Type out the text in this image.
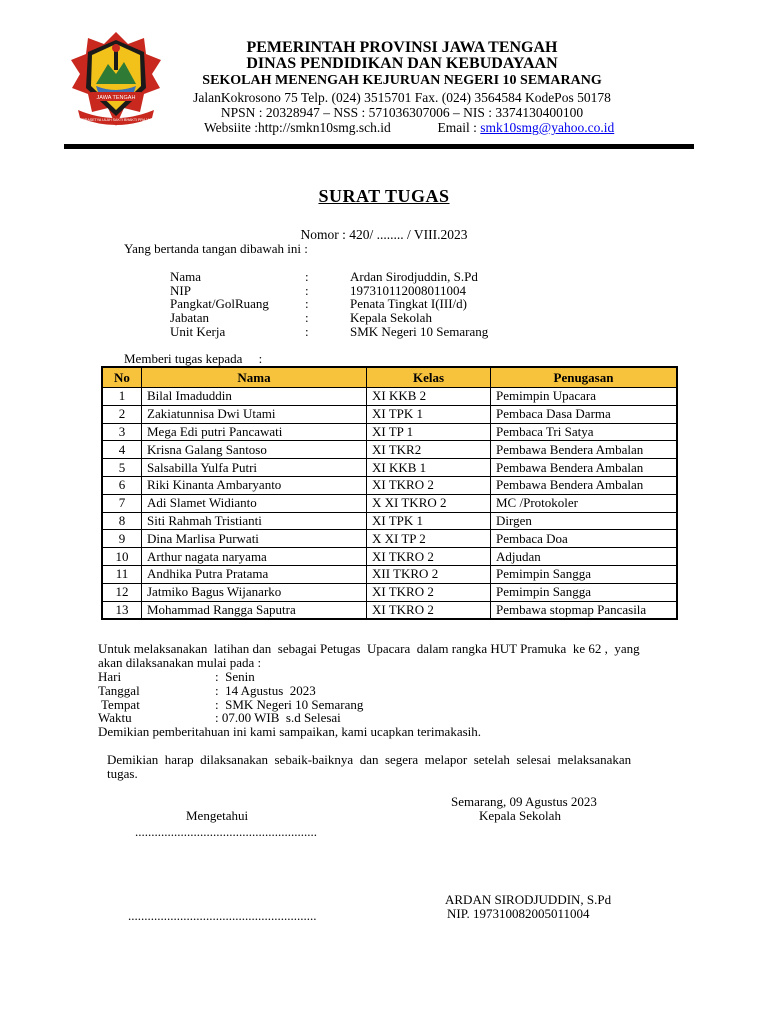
JAWA TENGAH
PRASETYA ULAH SAKTI BHAKTI PRAJA
PEMERINTAH PROVINSI JAWA TENGAH
DINAS PENDIDIKAN DAN KEBUDAYAAN
SEKOLAH MENENGAH KEJURUAN NEGERI 10 SEMARANG
JalanKokrosono 75 Telp. (024) 3515701 Fax. (024) 3564584 KodePos 50178
NPSN : 20328947 – NSS : 571036307006 – NIS : 3374130400100
Websiite :http://smkn10smg.sch.id	Email : smk10smg@yahoo.co.id
SURAT TUGAS
Nomor : 420/ ........ / VIII.2023
Yang bertanda tangan dibawah ini :
Nama	:	Ardan Sirodjuddin, S.Pd
NIP	:	197310112008011004
Pangkat/GolRuang	:	Penata Tingkat I(III/d)
Jabatan	:	Kepala Sekolah
Unit Kerja	:	SMK Negeri 10 Semarang
Memberi tugas kepada     :
No	Nama	Kelas	Penugasan
1	Bilal Imaduddin	XI KKB 2	Pemimpin Upacara
2	Zakiatunnisa Dwi Utami	XI TPK 1	Pembaca Dasa Darma
3	Mega Edi putri Pancawati	XI TP 1	Pembaca Tri Satya
4	Krisna Galang Santoso	XI TKR2	Pembawa Bendera Ambalan
5	Salsabilla Yulfa Putri	XI KKB 1	Pembawa Bendera Ambalan
6	Riki Kinanta Ambaryanto	XI TKRO 2	Pembawa Bendera Ambalan
7	Adi Slamet Widianto	X XI TKRO 2	MC /Protokoler
8	Siti Rahmah Tristianti	XI TPK 1	Dirgen
9	Dina Marlisa Purwati	X XI TP 2	Pembaca Doa
10	Arthur nagata naryama	XI TKRO 2	Adjudan
11	Andhika Putra Pratama	XII TKRO 2	Pemimpin Sangga
12	Jatmiko Bagus Wijanarko	XI TKRO 2	Pemimpin Sangga
13	Mohammad Rangga Saputra	XI TKRO 2	Pembawa stopmap Pancasila
Untuk melaksanakan  latihan dan  sebagai Petugas  Upacara  dalam rangka HUT Pramuka  ke 62 ,  yang
akan dilaksanakan mulai pada :
Hari	:  Senin
Tanggal	:  14 Agustus  2023
Tempat	:  SMK Negeri 10 Semarang
Waktu	: 07.00 WIB  s.d Selesai
Demikian pemberitahuan ini kami sampaikan, kami ucapkan terimakasih.
Demikian  harap  dilaksanakan  sebaik-baiknya  dan  segera  melapor  setelah  selesai  melaksanakan
tugas.
Semarang, 09 Agustus 2023
Kepala Sekolah
Mengetahui
........................................................
ARDAN SIRODJUDDIN, S.Pd
NIP. 197310082005011004
..........................................................
